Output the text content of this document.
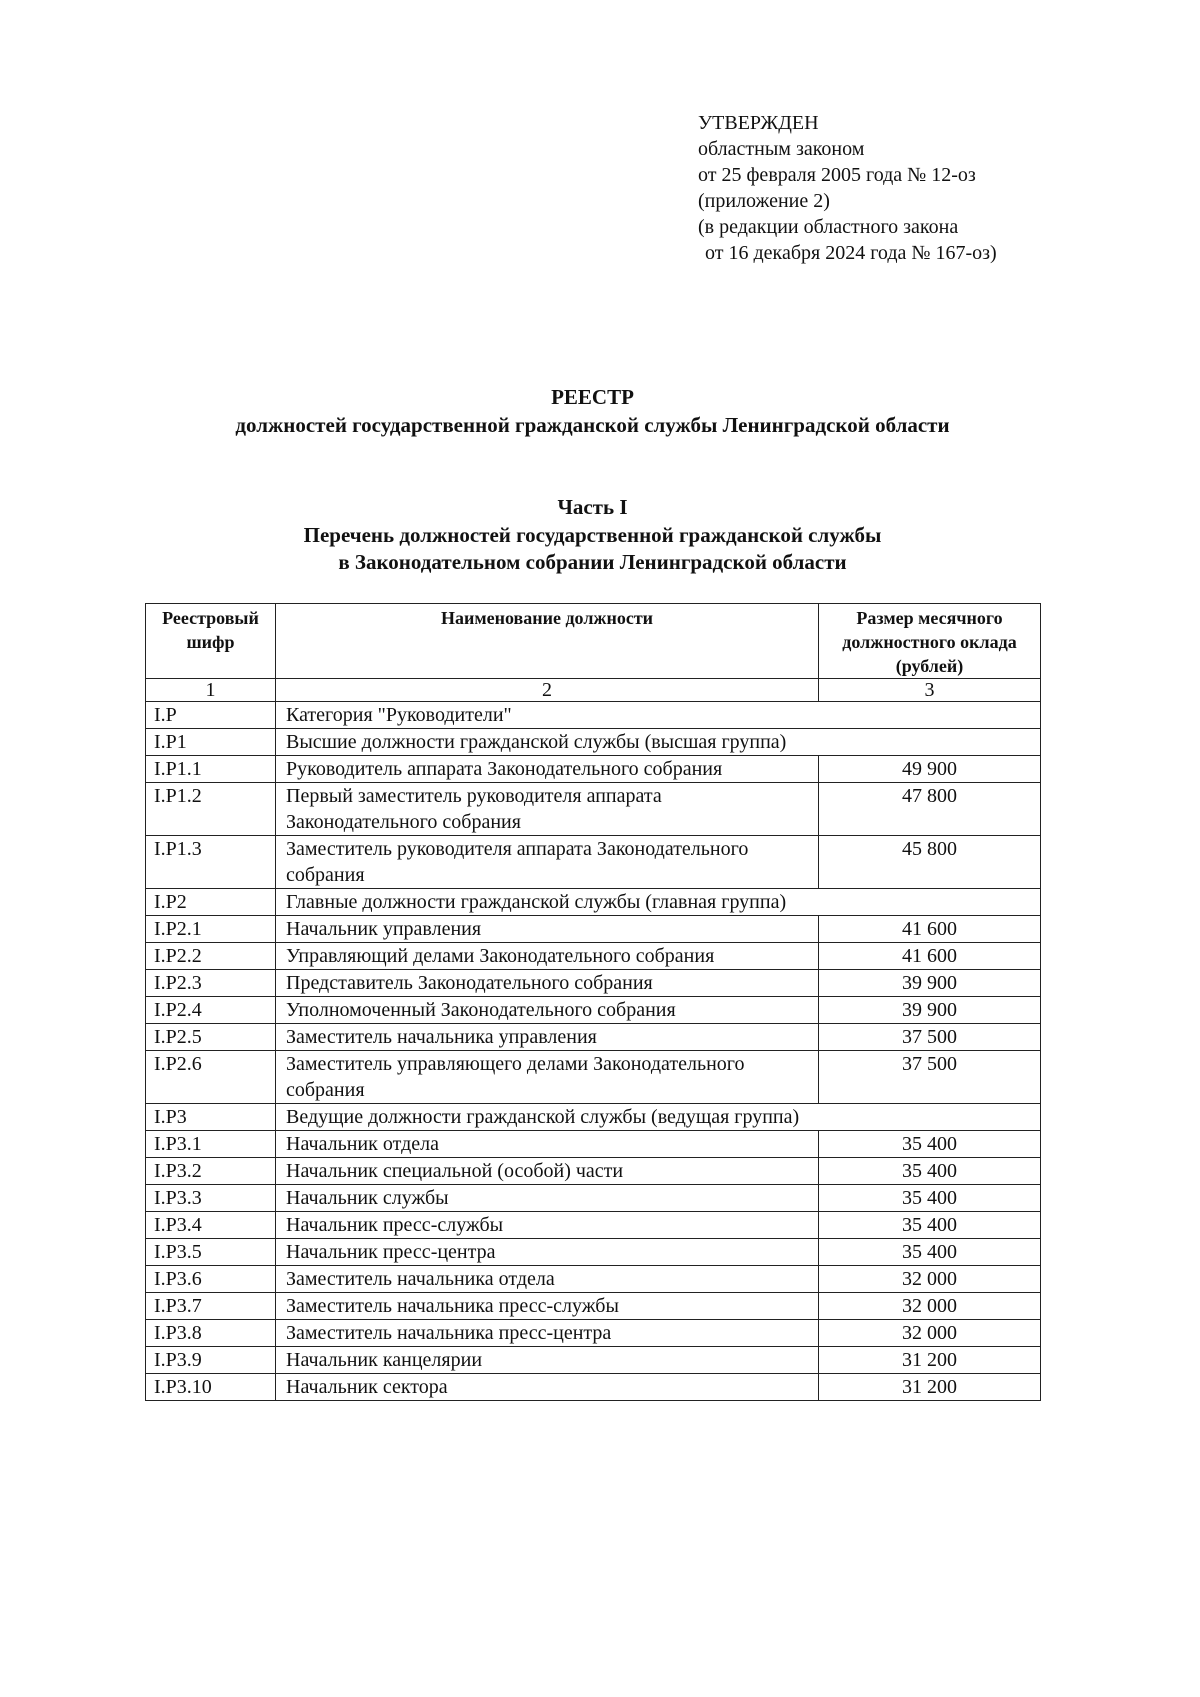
УТВЕРЖДЕН
областным законом
от 25 февраля 2005 года № 12-оз
(приложение 2)
(в редакции областного закона
от 16 декабря 2024 года № 167-оз)
РЕЕСТР
должностей государственной гражданской службы Ленинградской области
Часть I
Перечень должностей государственной гражданской службы
в Законодательном собрании Ленинградской области
Реестровый шифр	Наименование должности	Размер месячного должностного оклада (рублей)
1	2	3
I.P	Категория "Руководители"	
I.P1	Высшие должности гражданской службы (высшая группа)	
I.P1.1	Руководитель аппарата Законодательного собрания	49 900
I.P1.2	Первый заместитель руководителя аппарата Законодательного собрания	47 800
I.P1.3	Заместитель руководителя аппарата Законодательного собрания	45 800
I.P2	Главные должности гражданской службы (главная группа)	
I.P2.1	Начальник управления	41 600
I.P2.2	Управляющий делами Законодательного собрания	41 600
I.P2.3	Представитель Законодательного собрания	39 900
I.P2.4	Уполномоченный Законодательного собрания	39 900
I.P2.5	Заместитель начальника управления	37 500
I.P2.6	Заместитель управляющего делами Законодательного собрания	37 500
I.P3	Ведущие должности гражданской службы (ведущая группа)	
I.P3.1	Начальник отдела	35 400
I.P3.2	Начальник специальной (особой) части	35 400
I.P3.3	Начальник службы	35 400
I.P3.4	Начальник пресс-службы	35 400
I.P3.5	Начальник пресс-центра	35 400
I.P3.6	Заместитель начальника отдела	32 000
I.P3.7	Заместитель начальника пресс-службы	32 000
I.P3.8	Заместитель начальника пресс-центра	32 000
I.P3.9	Начальник канцелярии	31 200
I.P3.10	Начальник сектора	31 200
